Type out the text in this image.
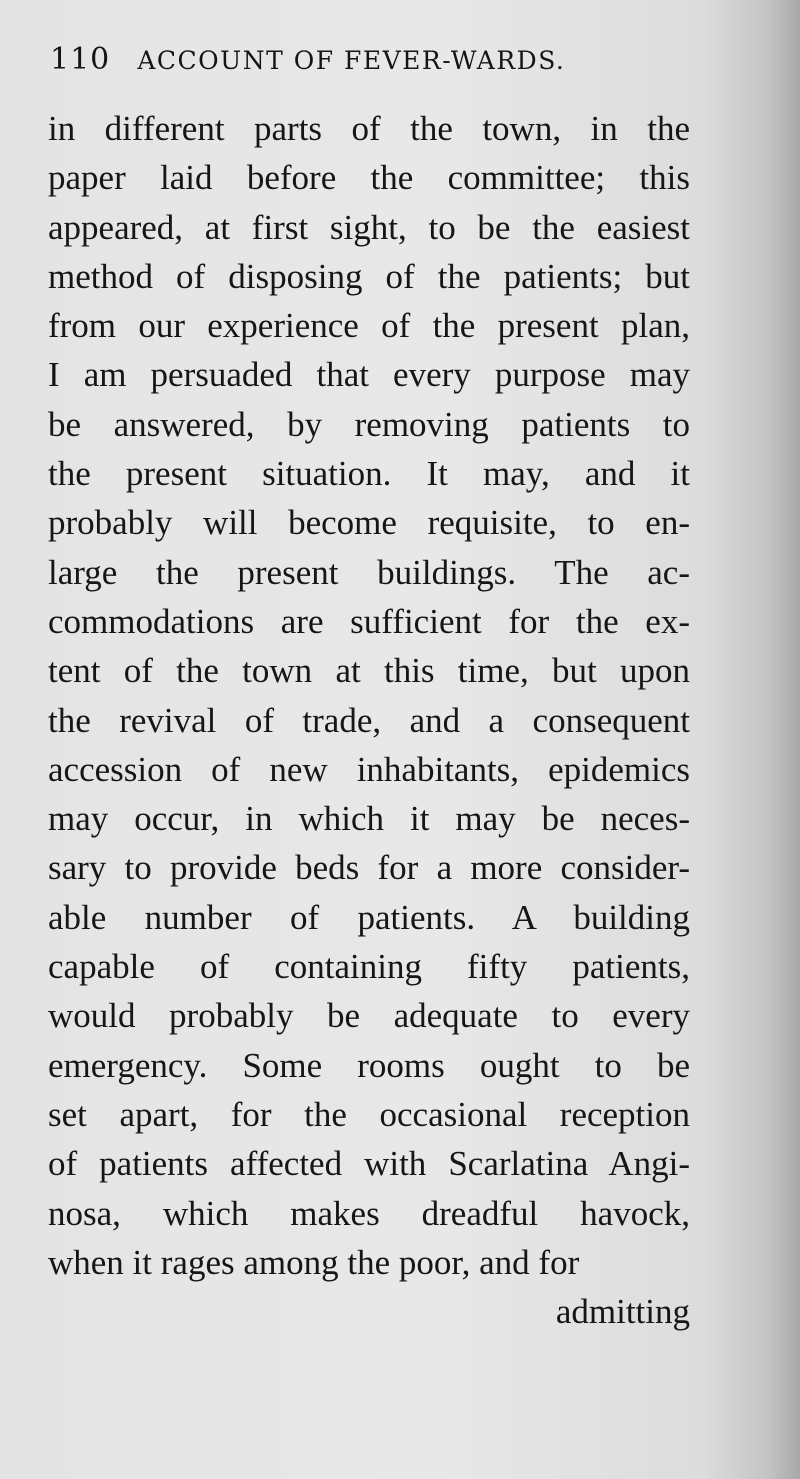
110 ACCOUNT OF FEVER-WARDS.
in different parts of the town, in the
paper laid before the committee; this
appeared, at first sight, to be the easiest
method of disposing of the patients; but
from our experience of the present plan,
I am persuaded that every purpose may
be answered, by removing patients to
the present situation. It may, and it
probably will become requisite, to en-
large the present buildings. The ac-
commodations are sufficient for the ex-
tent of the town at this time, but upon
the revival of trade, and a consequent
accession of new inhabitants, epidemics
may occur, in which it may be neces-
sary to provide beds for a more consider-
able number of patients. A building
capable of containing fifty patients,
would probably be adequate to every
emergency. Some rooms ought to be
set apart, for the occasional reception
of patients affected with Scarlatina Angi-
nosa, which makes dreadful havock,
when it rages among the poor, and for
admitting
